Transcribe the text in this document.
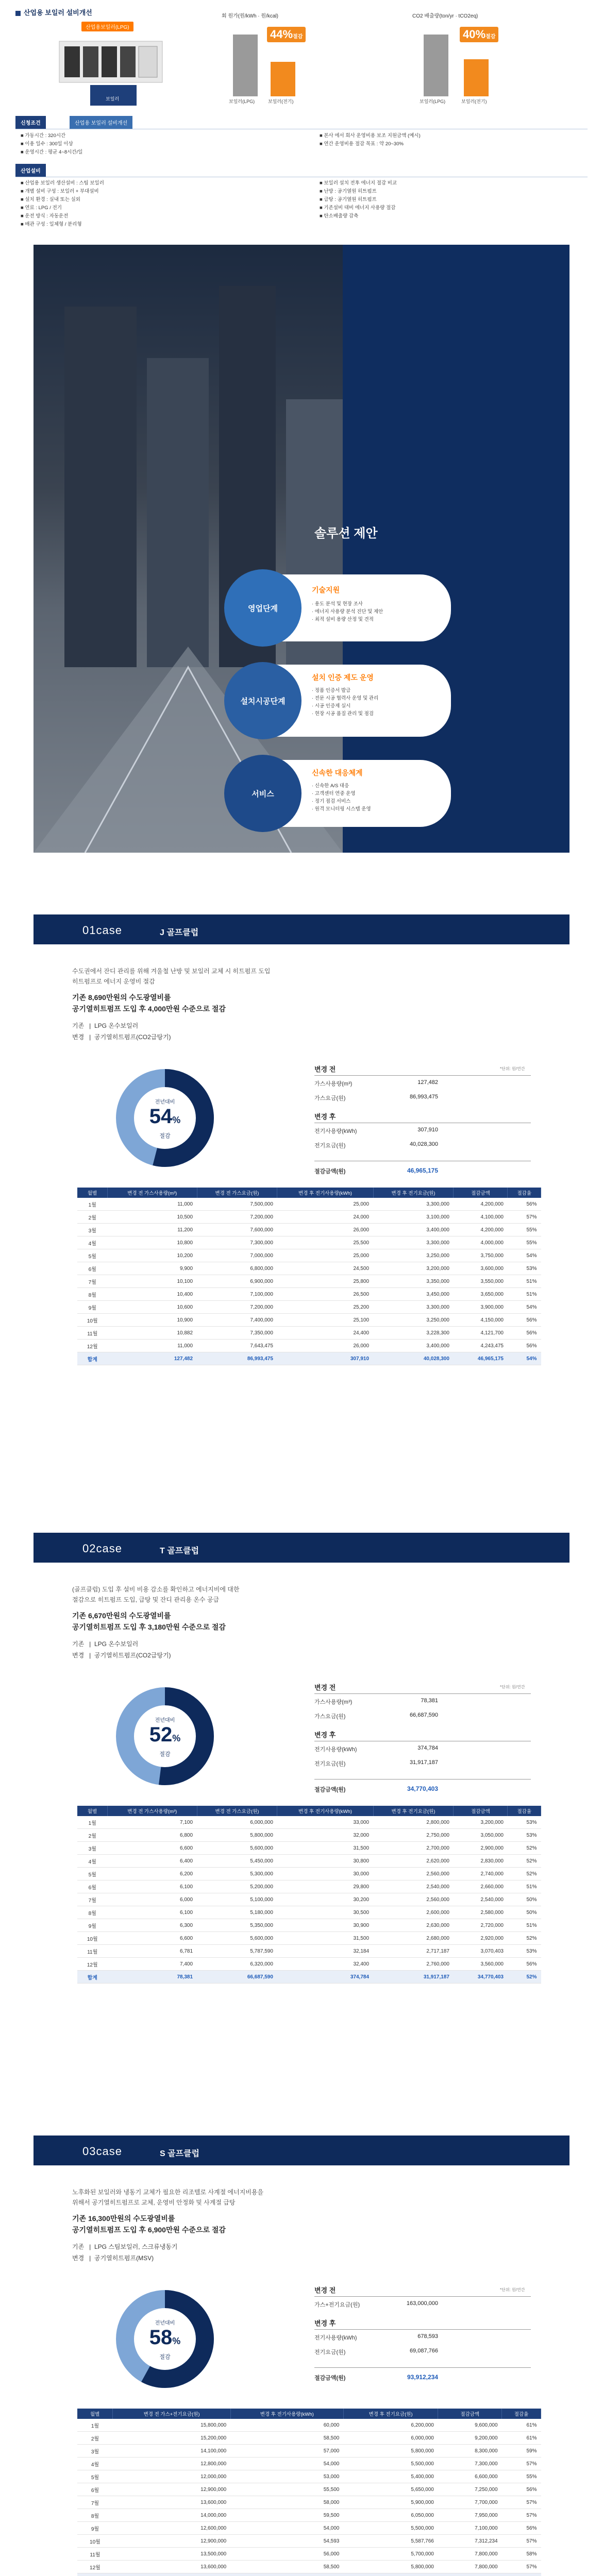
산업용 보일러 설비개선
산업용보일러(LPG)
보일러
회 원가(원/kWh · 원/kcal)
44%절감
보일러(LPG)	보일러(전기)
CO2 배출량(ton/yr · tCO2eq)
40%절감
보일러(LPG)	보일러(전기)
신청조건	산업용 보일러 설비개선
■ 가동시간 : 320시간
■ 이용 일수 : 300일 이상
■ 운영시간 : 평균 4~8시간/일
■ 본사 에서 회사 운영비용 보조 지원금액 (예시)
■ 연간 운영비용 절감 목표 : 약 20~30%
산업설비
■ 산업용 보일러 생산설비 : 스팀 보일러
■ 개별 설비 구성 : 보일러 + 부대설비
■ 설치 환경 : 실내 또는 실외
■ 연료 : LPG / 전기
■ 운전 방식 : 자동운전
■ 배관 구성 : 일체형 / 분리형
■ 보일러 설치 전후 에너지 절감 비교
■ 난방 : 공기열원 히트펌프
■ 급탕 : 공기열원 히트펌프
■ 기존설비 대비 에너지 사용량 절감
■ 탄소배출량 감축
솔루션 제안
영업단계
기술지원
· 용도 분석 및 현장 조사
· 에너지 사용량 분석 진단 및 제안
· 최적 설비 용량 산정 및 견적
설치시공단계
설치 인증 제도 운영
· 정품 인증서 발급
· 전문 시공 협력사 운영 및 관리
· 시공 인증제 실시
· 현장 시공 품질 관리 및 점검
서비스
신속한 대응체계
· 신속한 A/S 대응
· 고객센터 연중 운영
· 정기 점검 서비스
· 원격 모니터링 시스템 운영
01case	J 골프클럽
수도권에서 잔디 관리를 위해 겨울철 난방 및 보일러 교체 시 히트펌프 도입
히트펌프로 에너지 운영비 절감
기존 8,690만원의 수도광열비를
공기열히트펌프 도입 후 4,000만원 수준으로 절감
기존   |  LPG 온수보일러
변경   |  공기열히트펌프(CO2급탕기)
전년대비
54%
절감
변경 전	*단위: 원/연간
가스사용량(m³)	127,482
가스요금(원)	86,993,475
변경 후
전기사용량(kWh)	307,910
전기요금(원)	40,028,300
절감금액(원)	46,965,175
월별	변경 전 가스사용량(m³)	변경 전 가스요금(원)	변경 후 전기사용량(kWh)	변경 후 전기요금(원)	절감금액	절감율
1월	11,000	7,500,000	25,000	3,300,000	4,200,000	56%
2월	10,500	7,200,000	24,000	3,100,000	4,100,000	57%
3월	11,200	7,600,000	26,000	3,400,000	4,200,000	55%
4월	10,800	7,300,000	25,500	3,300,000	4,000,000	55%
5월	10,200	7,000,000	25,000	3,250,000	3,750,000	54%
6월	9,900	6,800,000	24,500	3,200,000	3,600,000	53%
7월	10,100	6,900,000	25,800	3,350,000	3,550,000	51%
8월	10,400	7,100,000	26,500	3,450,000	3,650,000	51%
9월	10,600	7,200,000	25,200	3,300,000	3,900,000	54%
10월	10,900	7,400,000	25,100	3,250,000	4,150,000	56%
11월	10,882	7,350,000	24,400	3,228,300	4,121,700	56%
12월	11,000	7,643,475	26,000	3,400,000	4,243,475	56%
합계	127,482	86,993,475	307,910	40,028,300	46,965,175	54%
02case	T 골프클럽
(골프클럽) 도입 후 설비 비용 감소를 확인하고 에너지비에 대한
절감으로 히트펌프 도입, 급탕 및 잔디 관리용 온수 공급
기존 6,670만원의 수도광열비를
공기열히트펌프 도입 후 3,180만원 수준으로 절감
기존   |  LPG 온수보일러
변경   |  공기열히트펌프(CO2급탕기)
전년대비
52%
절감
변경 전	*단위: 원/연간
가스사용량(m³)	78,381
가스요금(원)	66,687,590
변경 후
전기사용량(kWh)	374,784
전기요금(원)	31,917,187
절감금액(원)	34,770,403
월별	변경 전 가스사용량(m³)	변경 전 가스요금(원)	변경 후 전기사용량(kWh)	변경 후 전기요금(원)	절감금액	절감율
1월	7,100	6,000,000	33,000	2,800,000	3,200,000	53%
2월	6,800	5,800,000	32,000	2,750,000	3,050,000	53%
3월	6,600	5,600,000	31,500	2,700,000	2,900,000	52%
4월	6,400	5,450,000	30,800	2,620,000	2,830,000	52%
5월	6,200	5,300,000	30,000	2,560,000	2,740,000	52%
6월	6,100	5,200,000	29,800	2,540,000	2,660,000	51%
7월	6,000	5,100,000	30,200	2,560,000	2,540,000	50%
8월	6,100	5,180,000	30,500	2,600,000	2,580,000	50%
9월	6,300	5,350,000	30,900	2,630,000	2,720,000	51%
10월	6,600	5,600,000	31,500	2,680,000	2,920,000	52%
11월	6,781	5,787,590	32,184	2,717,187	3,070,403	53%
12월	7,400	6,320,000	32,400	2,760,000	3,560,000	56%
합계	78,381	66,687,590	374,784	31,917,187	34,770,403	52%
03case	S 골프클럽
노후화된 보일러와 냉동기 교체가 필요한 리조텔로 사계절 에너지비용을
위해서 공기열히트펌프로 교체, 운영비 안정화 및 사계절 급탕
기존 16,300만원의 수도광열비를
공기열히트펌프 도입 후 6,900만원 수준으로 절감
기존   |  LPG 스팀보일러, 스크류냉동기
변경   |  공기열히트펌프(MSV)
전년대비
58%
절감
변경 전	*단위: 원/연간
가스+전기요금(원)	163,000,000
변경 후
전기사용량(kWh)	678,593
전기요금(원)	69,087,766
절감금액(원)	93,912,234
월별	변경 전 가스+전기요금(원)	변경 후 전기사용량(kWh)	변경 후 전기요금(원)	절감금액	절감율
1월	15,800,000	60,000	6,200,000	9,600,000	61%
2월	15,200,000	58,500	6,000,000	9,200,000	61%
3월	14,100,000	57,000	5,800,000	8,300,000	59%
4월	12,800,000	54,000	5,500,000	7,300,000	57%
5월	12,000,000	53,000	5,400,000	6,600,000	55%
6월	12,900,000	55,500	5,650,000	7,250,000	56%
7월	13,600,000	58,000	5,900,000	7,700,000	57%
8월	14,000,000	59,500	6,050,000	7,950,000	57%
9월	12,600,000	54,000	5,500,000	7,100,000	56%
10월	12,900,000	54,593	5,587,766	7,312,234	57%
11월	13,500,000	56,000	5,700,000	7,800,000	58%
12월	13,600,000	58,500	5,800,000	7,800,000	57%
